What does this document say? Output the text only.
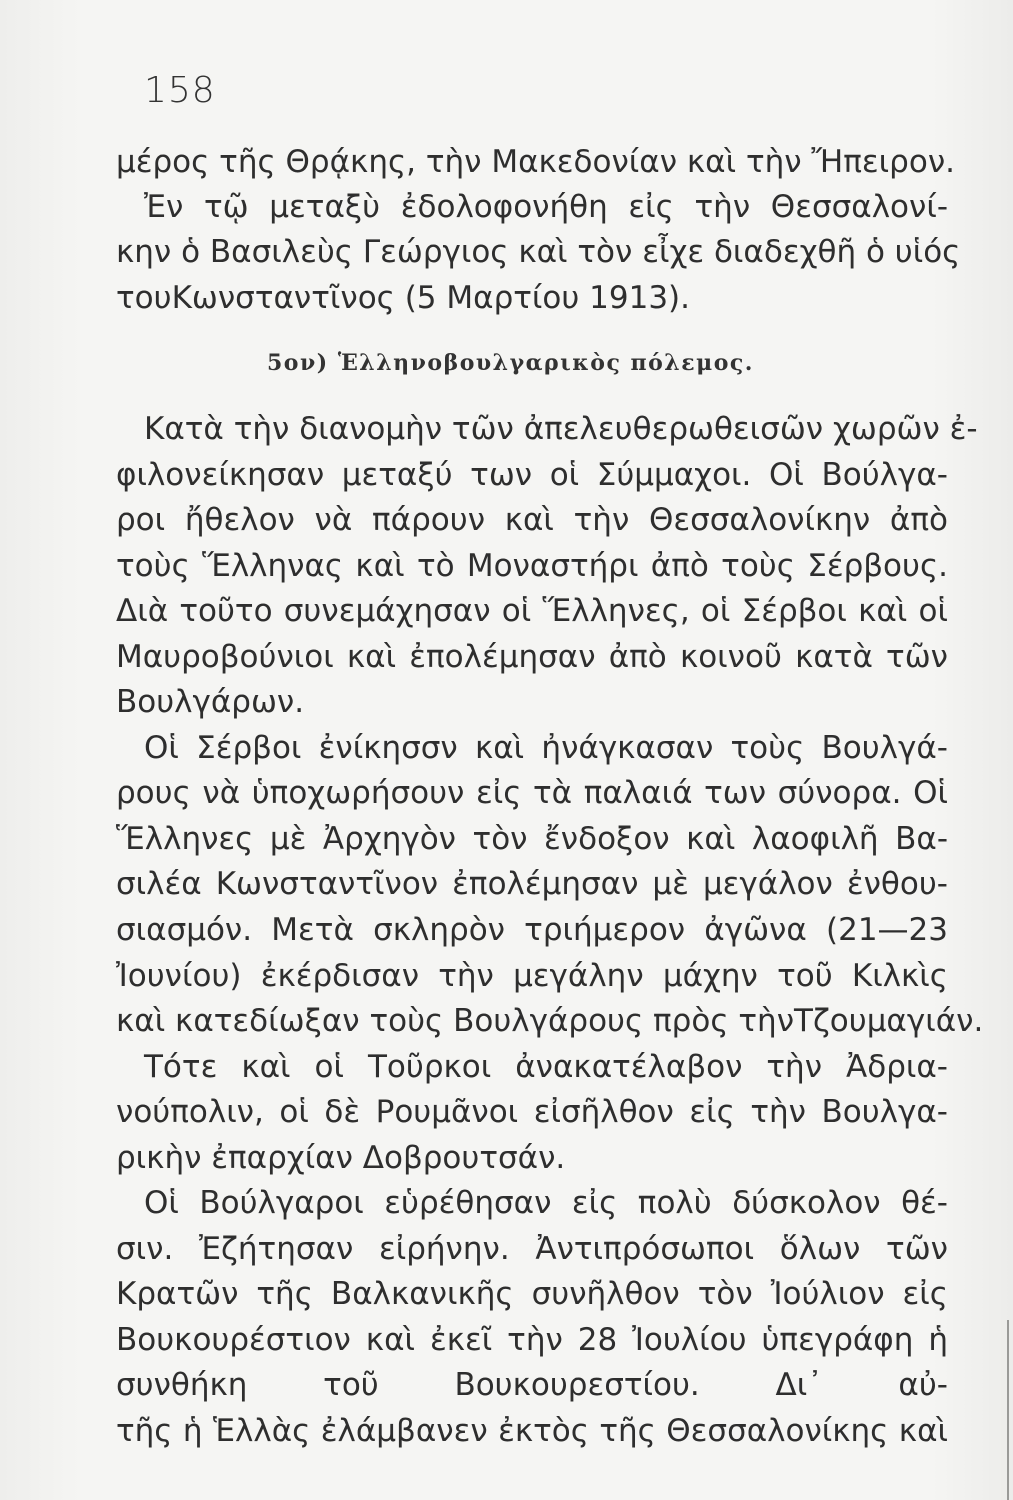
158
μέρος τῆς Θρᾴκης, τὴν Μακεδονίαν καὶ τὴν Ἤπειρον.
Ἐν τῷ μεταξὺ ἐδολοφονήθη εἰς τὴν Θεσσαλονί-
κην ὁ Βασιλεὺς Γεώργιος καὶ τὸν εἶχε διαδεχθῆ ὁ υἱός
τουΚωνσταντῖνος (5 Μαρτίου 1913).
5ον) Ἑλληνοβουλγαρικὸς πόλεμος.
Κατὰ τὴν διανομὴν τῶν ἀπελευθερωθεισῶν χωρῶν ἐ-
φιλονείκησαν μεταξύ των οἱ Σύμμαχοι. Οἱ Βούλγα-
ροι ἤθελον νὰ πάρουν καὶ τὴν Θεσσαλονίκην ἀπὸ
τοὺς Ἕλληνας καὶ τὸ Μοναστήρι ἀπὸ τοὺς Σέρβους.
Διὰ τοῦτο συνεμάχησαν οἱ Ἕλληνες, οἱ Σέρβοι καὶ οἱ
Μαυροβούνιοι καὶ ἐπολέμησαν ἀπὸ κοινοῦ κατὰ τῶν
Βουλγάρων.
Οἱ Σέρβοι ἐνίκησσν καὶ ἠνάγκασαν τοὺς Βουλγά-
ρους νὰ ὑποχωρήσουν εἰς τὰ παλαιά των σύνορα. Οἱ
Ἕλληνες μὲ Ἀρχηγὸν τὸν ἔνδοξον καὶ λαοφιλῆ Βα-
σιλέα Κωνσταντῖνον ἐπολέμησαν μὲ μεγάλον ἐνθου-
σιασμόν. Μετὰ σκληρὸν τριήμερον ἀγῶνα (21—23
Ἰουνίου) ἐκέρδισαν τὴν μεγάλην μάχην τοῦ Κιλκὶς
καὶ κατεδίωξαν τοὺς Βουλγάρους πρὸς τὴνΤζουμαγιάν.
Τότε καὶ οἱ Τοῦρκοι ἀνακατέλαβον τὴν Ἀδρια-
νούπολιν, οἱ δὲ Ρουμᾶνοι εἰσῆλθον εἰς τὴν Βουλγα-
ρικὴν ἐπαρχίαν Δοβρουτσάν.
Οἱ Βούλγαροι εὑρέθησαν εἰς πολὺ δύσκολον θέ-
σιν. Ἐζήτησαν εἰρήνην. Ἀντιπρόσωποι ὅλων τῶν
Κρατῶν τῆς Βαλκανικῆς συνῆλθον τὸν Ἰούλιον εἰς
Βουκουρέστιον καὶ ἐκεῖ τὴν 28 Ἰουλίου ὑπεγράφη ἡ
συνθήκη τοῦ Βουκουρεστίου. Δι᾽ αὐ-
τῆς ἡ Ἑλλὰς ἐλάμβανεν ἐκτὸς τῆς Θεσσαλονίκης καὶ
